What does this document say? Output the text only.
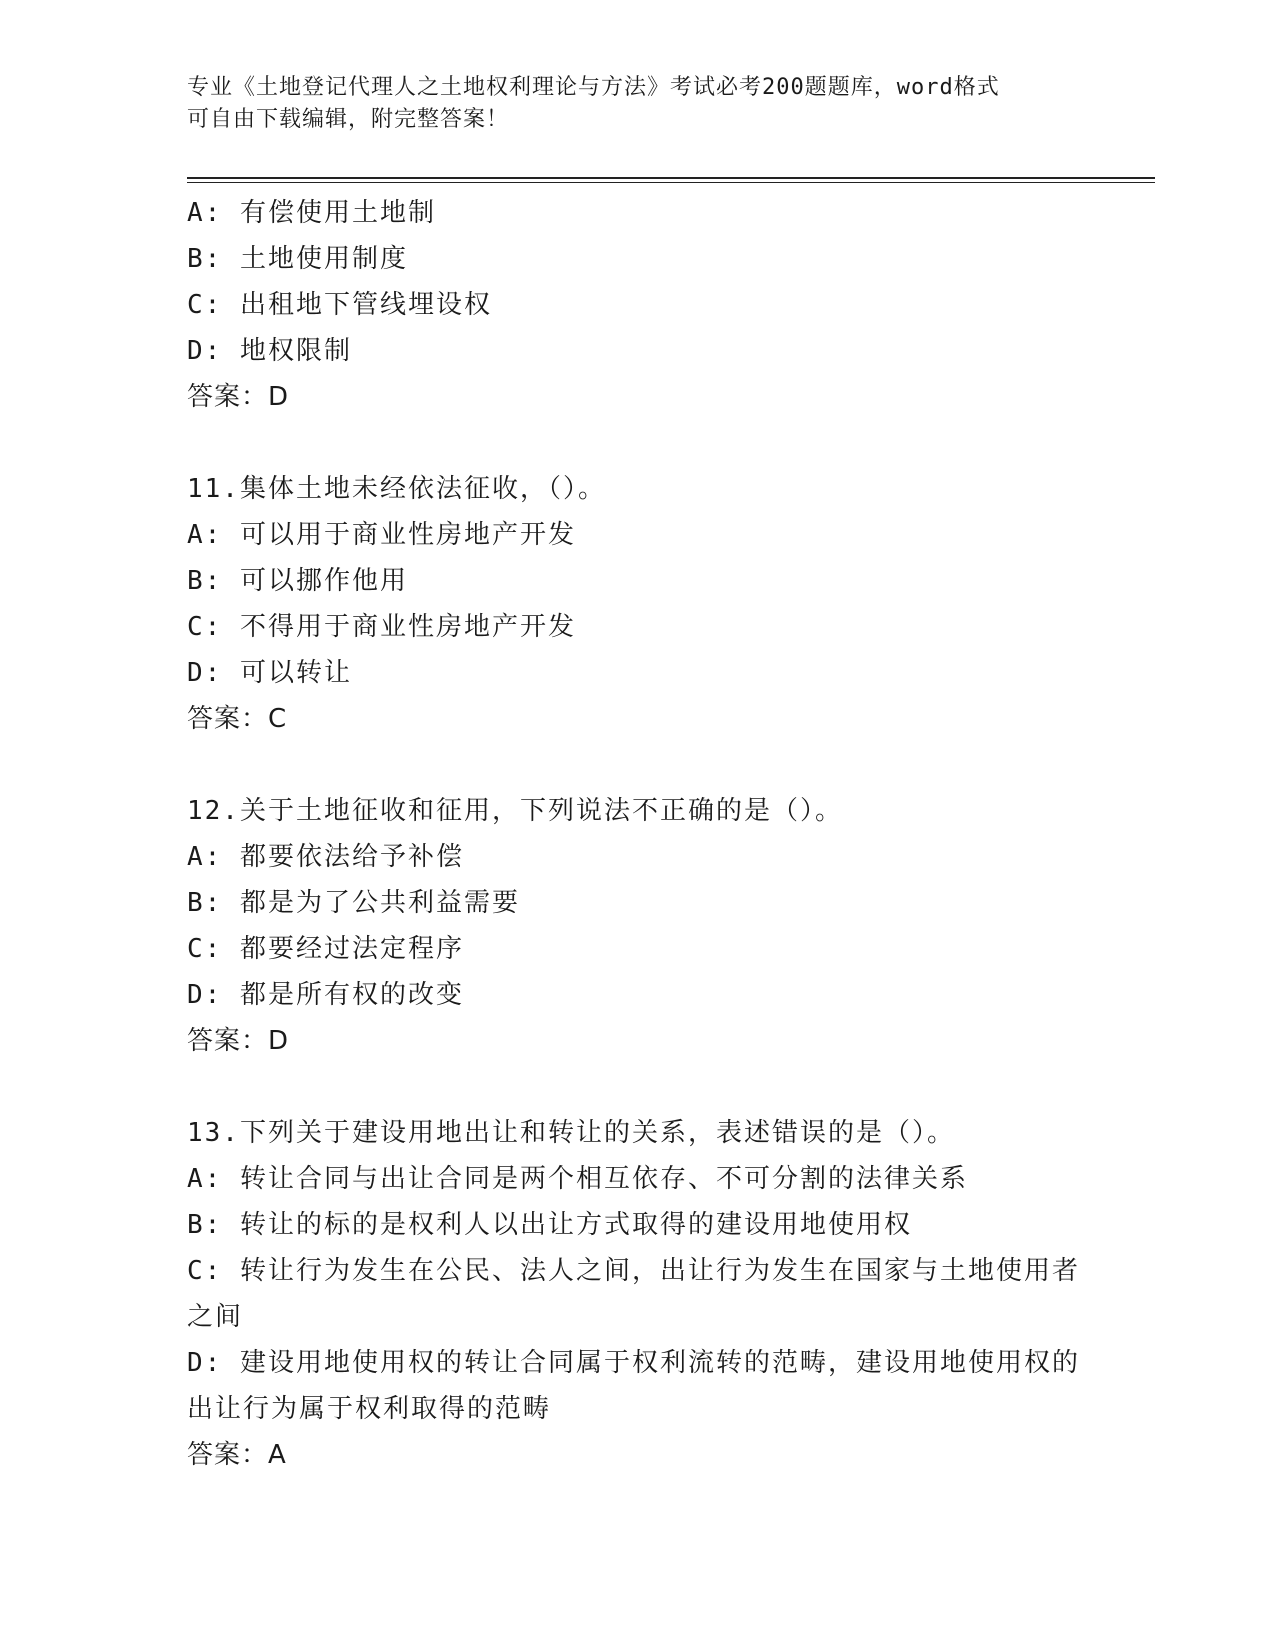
专业《土地登记代理人之土地权利理论与方法》考试必考200题题库，word格式
可自由下载编辑，附完整答案！
A: 有偿使用土地制
B: 土地使用制度
C: 出租地下管线埋设权
D: 地权限制
答案：D
11.集体土地未经依法征收，（）。
A: 可以用于商业性房地产开发
B: 可以挪作他用
C: 不得用于商业性房地产开发
D: 可以转让
答案：C
12.关于土地征收和征用，下列说法不正确的是（）。
A: 都要依法给予补偿
B: 都是为了公共利益需要
C: 都要经过法定程序
D: 都是所有权的改变
答案：D
13.下列关于建设用地出让和转让的关系，表述错误的是（）。
A: 转让合同与出让合同是两个相互依存、不可分割的法律关系
B: 转让的标的是权利人以出让方式取得的建设用地使用权
C: 转让行为发生在公民、法人之间，出让行为发生在国家与土地使用者之间
D: 建设用地使用权的转让合同属于权利流转的范畴，建设用地使用权的出让行为属于权利取得的范畴
答案：A
